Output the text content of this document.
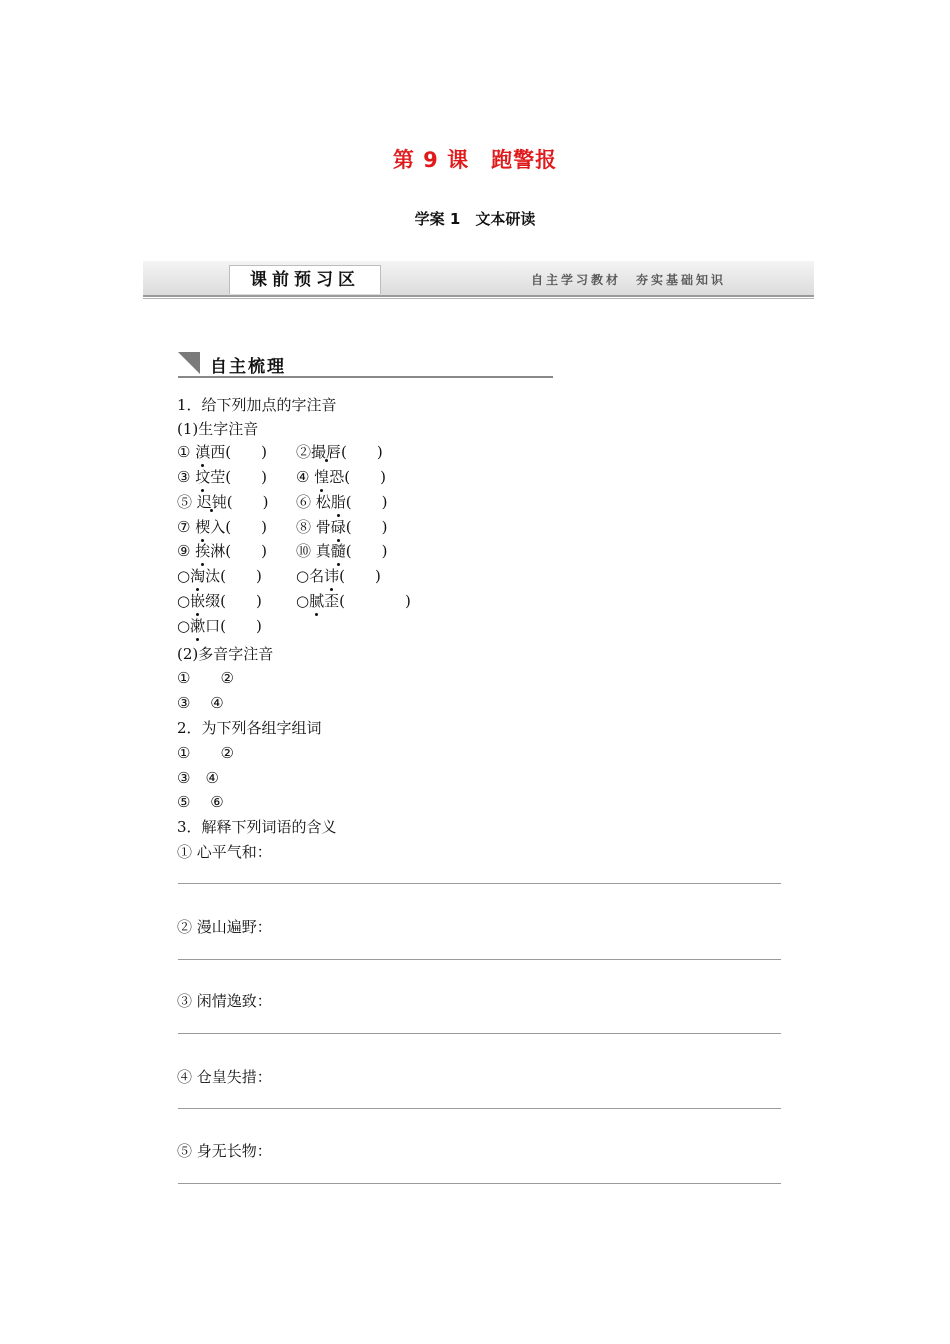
第 9 课　跑警报
学案 1　文本研读
课前预习区	自主学习教材　夯实基础知识
自主梳理
1．给下列加点的字注音
(1)生字注音
① 滇西(　　) ②撮唇(　　)
③ 坟茔(　　) ④ 惶恐(　　)
⑤ 迟钝(　　) ⑥ 松脂(　　)
⑦ 楔入(　　) ⑧ 骨碌(　　)
⑨ 挨淋(　　) ⑩ 真髓(　　)
○淘汰(　　) ○名讳(　　)
○嵌缀(　　) ○腻歪(　　　　)
○漱口(　　)
(2)多音字注音
①　　②
③　 ④
2．为下列各组字组词
①　　②
③　④
⑤　 ⑥
3．解释下列词语的含义
① 心平气和：
② 漫山遍野：
③ 闲情逸致：
④ 仓皇失措：
⑤ 身无长物：
